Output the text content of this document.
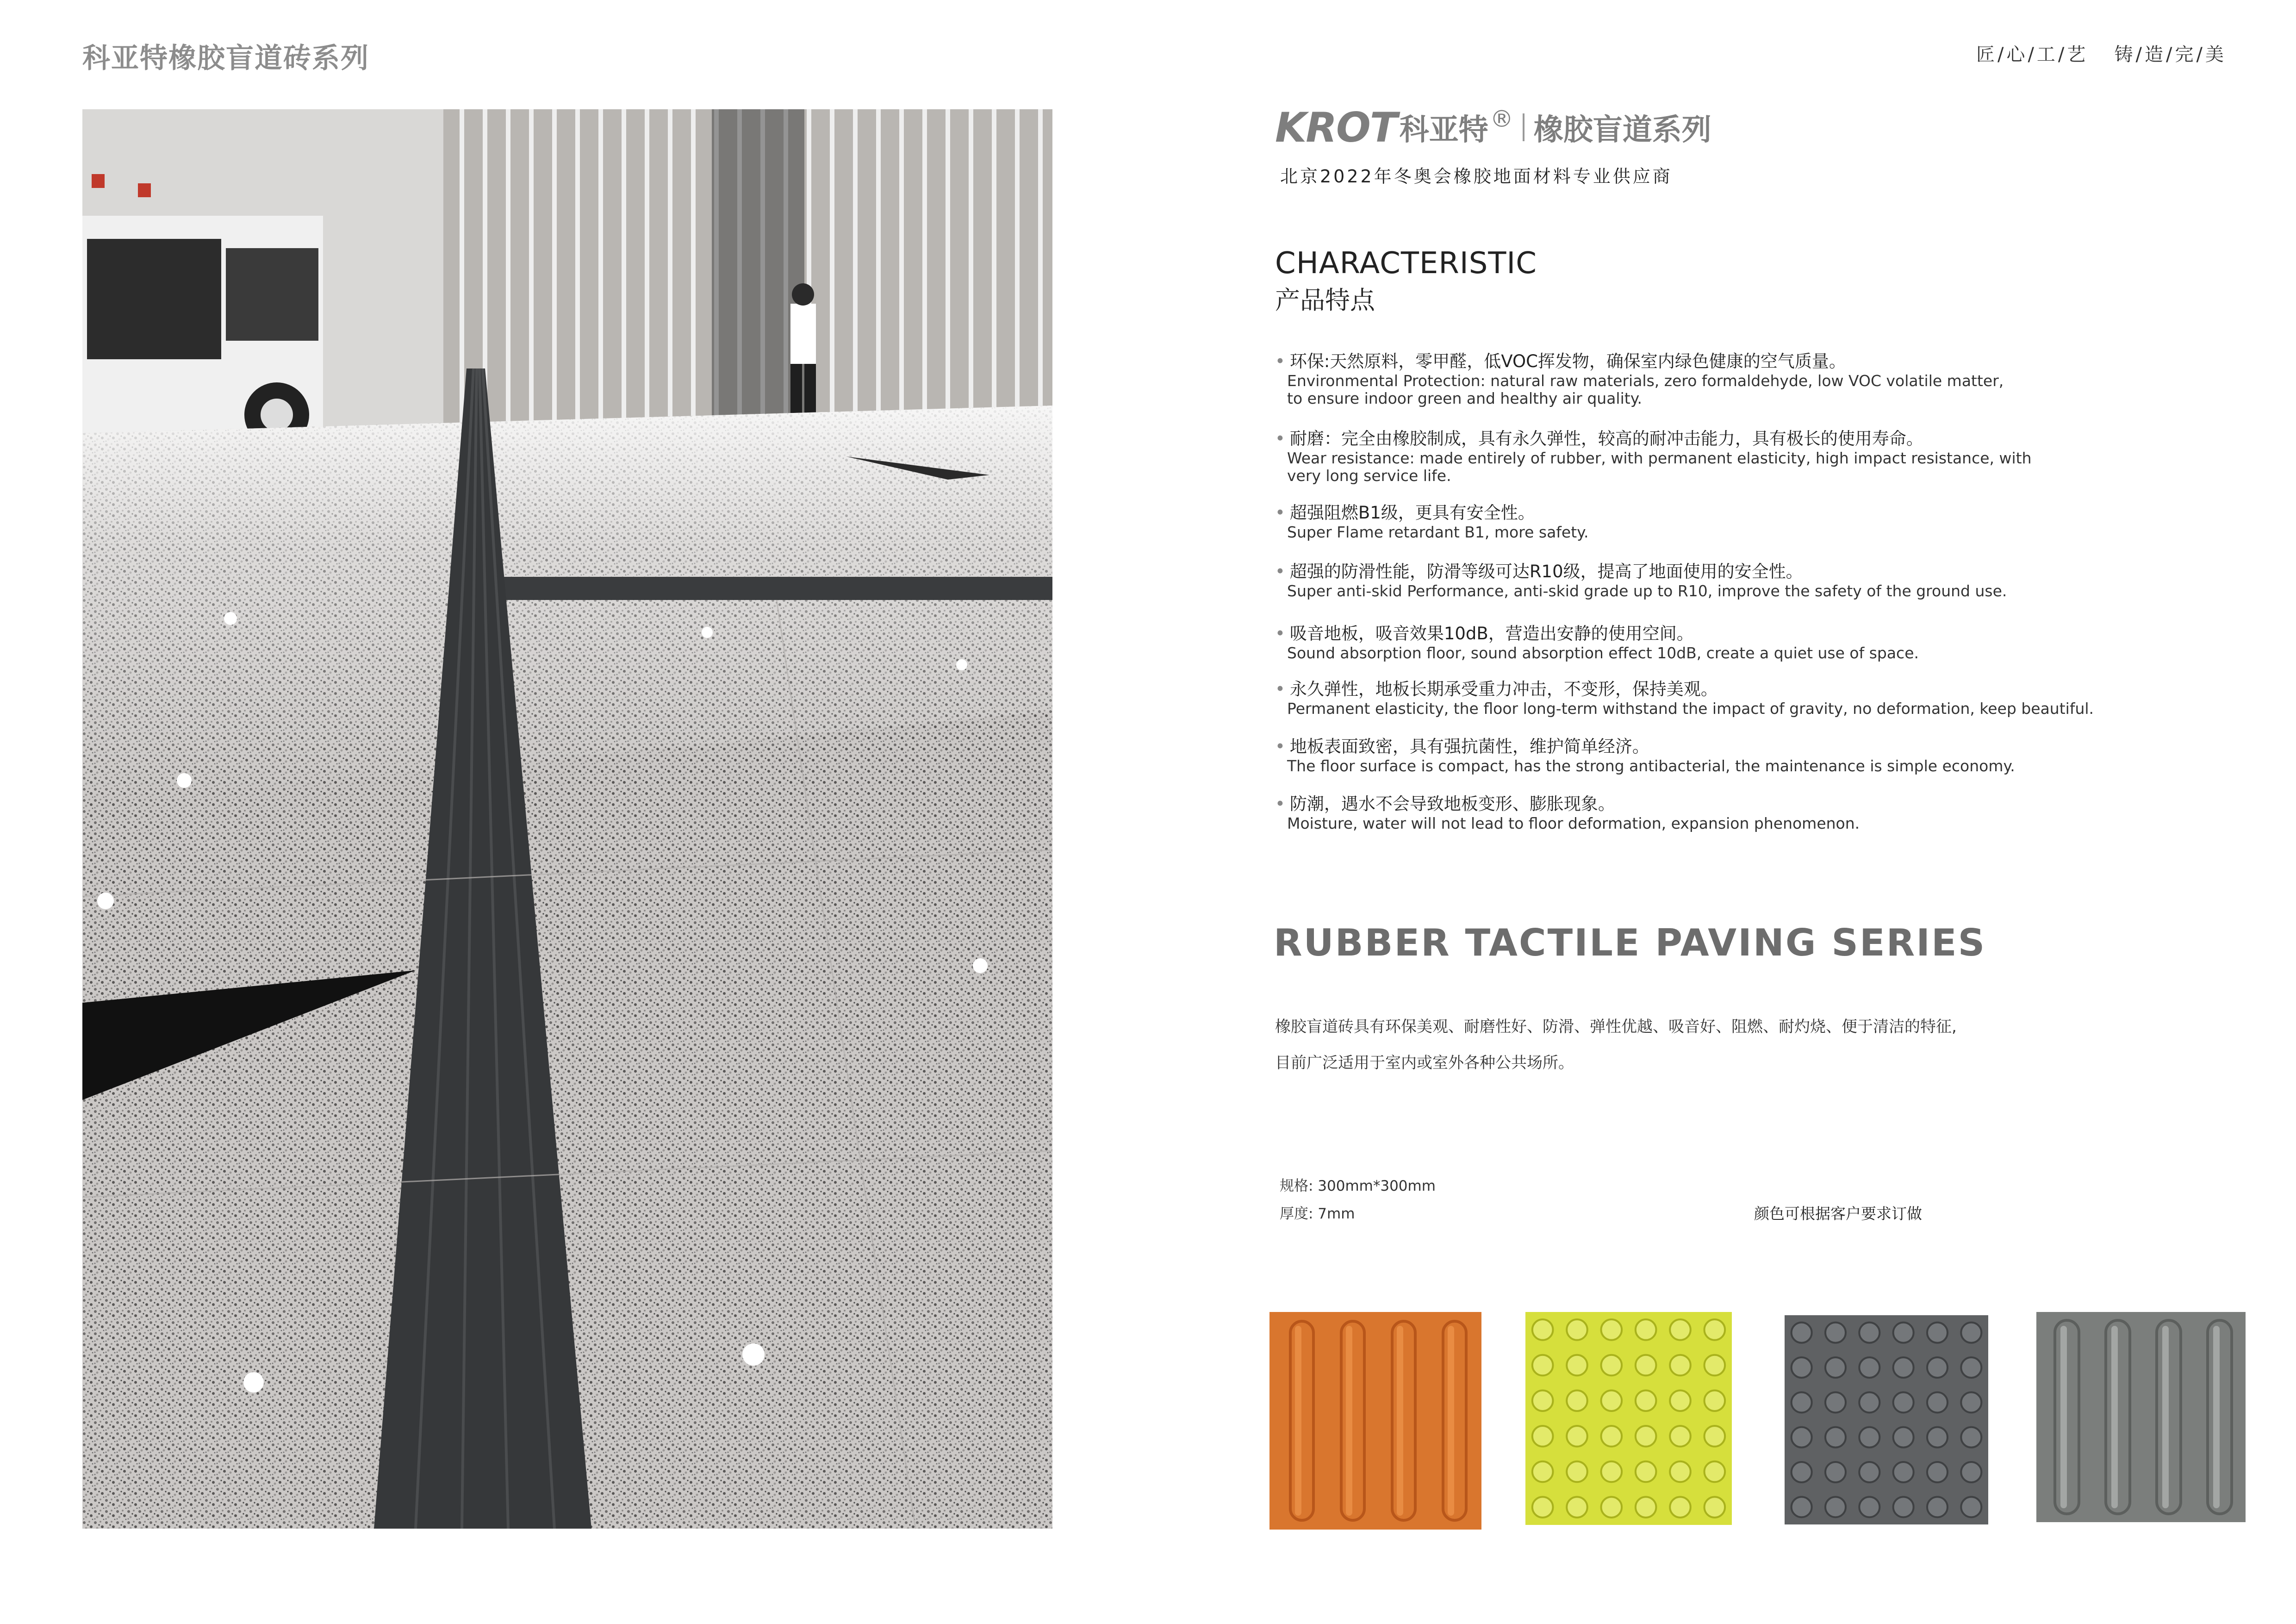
科亚特橡胶盲道砖系列	匠/心/工/艺   铸/造/完/美
KROT 科亚特 ® 橡胶盲道系列
北京2022年冬奥会橡胶地面材料专业供应商
CHARACTERISTIC
产品特点
• 环保:天然原料，零甲醛，低VOC挥发物，确保室内绿色健康的空气质量。
Environmental Protection: natural raw materials, zero formaldehyde, low VOC volatile matter,
to ensure indoor green and healthy air quality.
• 耐磨：完全由橡胶制成，具有永久弹性，较高的耐冲击能力，具有极长的使用寿命。
Wear resistance: made entirely of rubber, with permanent elasticity, high impact resistance, with
very long service life.
• 超强阻燃B1级，更具有安全性。
Super Flame retardant B1, more safety.
• 超强的防滑性能，防滑等级可达R10级，提高了地面使用的安全性。
Super anti-skid Performance, anti-skid grade up to R10, improve the safety of the ground use.
• 吸音地板，吸音效果10dB，营造出安静的使用空间。
Sound absorption floor, sound absorption effect 10dB, create a quiet use of space.
• 永久弹性，地板长期承受重力冲击，不变形，保持美观。
Permanent elasticity, the floor long-term withstand the impact of gravity, no deformation, keep beautiful.
• 地板表面致密，具有强抗菌性，维护简单经济。
The floor surface is compact, has the strong antibacterial, the maintenance is simple economy.
• 防潮，遇水不会导致地板变形、膨胀现象。
Moisture, water will not lead to floor deformation, expansion phenomenon.
RUBBER TACTILE PAVING SERIES
橡胶盲道砖具有环保美观、耐磨性好、防滑、弹性优越、吸音好、阻燃、耐灼烧、便于清洁的特征,
目前广泛适用于室内或室外各种公共场所。
规格: 300mm*300mm
厚度: 7mm	颜色可根据客户要求订做
